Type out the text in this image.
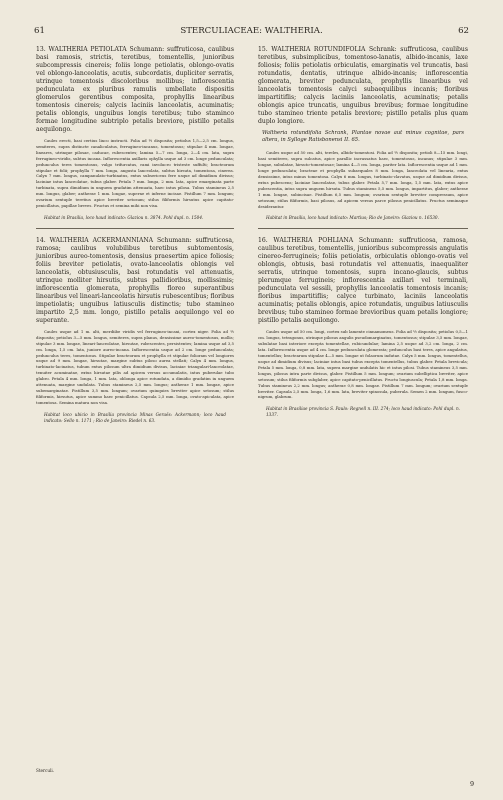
61	STERCULIACEAE: WALTHERIA.	62

13. WALTHERIA PETIOLATA Schumann: suffruticosa, caulibus basi ramosis, strictis, teretibus, tomentellis, junioribus subcompressis cinereis; foliis longe petiolatis, oblongo-ovatis vel oblongo-lanceolatis, acutis, subcordatis, dupliciter serratis, utrinque tomentosis discoloribus mollibus; inflorescentia pedunculata ex pluribus ramulis umbellate dispositis glomerulos gerentibus composita, prophyllis linearibus tomentosis cinereis; calycis laciniis lanceolatis, acuminatis; petalis oblongis, unguibus longis teretibus; tubo staminco formae longitudine subtriplo petalis breviore, pistillo petalis aequilongo.

Caules erecti, basi certius linco instructi. Folia ad ½ disposita; petiolus 1,5—2,5 cm. longus, semiteres, supra distincte canaliculatus, ferrugineo-incanus, tomentosus; stipulae 4 mm. longae, lineares, utrinque pilosae, caducae, rubescentes; lamina 5—7 cm. longa, 2—4 cm. lata, supra ferrugineo-viridis, subtus incana. Inflorescentia axillaris ophylla usque ad 3 cm. longe pedunculata; pedunculus teres tomentosus, vulgo trifurcatus, rami involucro tristeste suffulti; bracteorum stipulae et folii; prophylla 7 mm. longa, angusta lanceolata, subtus hirsuta, tomentosa, cinerea. Calyx 7 mm. longus, campanulato-turbinatus, extus subsericeus fere usque ad dimidium divisus; laciniae intus lanceolatae, tubus glaber. Petala 7 mm. longa, 2 mm. lata, apice emarginata parte turbinata, supra dimidium in unguem gradatim attenuata, haec intus pilosa. Tubus stamineus 2,5 mm. longus, glaber; antherae 1 mm. longae, superne et inferne incisae. Pistillum 7 mm. longum; ovarium sextuple teretius apice breviter setosum; stilus filiformis hirsutus apice capitato-penicillatus, papillae breves. Fructus et semina mihi non visa.

Habitat in Brasilia, loco haud indicato: Glaziou n. 3874. Pohl dupl. n. 1504.

14. WALTHERIA ACKERMANNIANA Schumann: suffruticosa, ramosa; caulibus volubilibus teretibus subtomentosis, junioribus aureo-tomentosis, densius praesertim apice foliosis; foliis breviter petiolatis, ovato-lanceolatis oblongis vel lanceolatis, obtusiusculis, basi rotundatis vel attenuatis, utrinque molliter hirsutis, subtus pallidioribus, mollissimis; inflorescentia glomerata, prophyllis floreo superantibus linearibus vel lineari-lanceolatis hirsutis rubescentibus; floribus impetiolatis; unguibus latiusculis distinctis; tubo stamineo impartito 2,5 mm. longo, pistillo petalis aequilongo vel eo superante.

Caules usque ad 1 m. alti, merdiibe viridis vel ferrugineo-incani, cortex niger. Folia ad ½ disposita; petiolus 3—5 mm. longus, semiteres, supra planus, densissime aureo-tomentosus, mollis; stipulae 3 mm. longae, lineari-lanceolatae, hirsutae, rubescentes, persistentes; lamina usque ad 3,5 cm. longa, 1,5 cm. lata, juniore aureo-incana. Inflorescentia usque ad 2 cm. longe pedunculata; pedunculus teres, tomentosus. Stipulae bracteorum et prophylla et stipulae folioram vel longiores usque ad 9 mm. longae, hirsutae, margine subtus piloso aurea stellati; Calyx 4 mm. longus, turbinato-lacinatus, tubum extus pilosum ultra dimidium divisus, laciniae triangulari-lanceolatae, tenuiter acuminatae, extus hirsutae pilis ad apicem versus accumulatis, intus puberulae tubo glabro. Petala 4 mm. longa, 1 mm. lata, oblonga apice rotundata, a dimidio gradatim in unguem attenuata, margine undulata. Tubus stamineus 2,5 mm. longus; antherae 1 mm. longae, apice subemarginatae. Pistillum 3,5 mm. longum; ovarium quinquies breviter apice setosum; stilus filiformis, hirsutus, apice summo haec penicillatus. Capsula 2,5 mm. longa, ovato-apiculata, apice tomentosa. Semina matura non visa.

Habitat loco ubicio in Brasilia provincia Minas Geraës: Ackermann; loco haud indicato: Sello n. 1171 ; Rio de Janeiro: Riedel n. 63.

15. WALTHERIA ROTUNDIFOLIA Schrank: suffruticosa, caulibus teretibus, subsimplicibus, tomentoso-lanatis, albido-incanis, laxe foliosis; foliis petiolatis orbiculatis, emarginatis vel truncatis, basi rotundatis, dentatis, utrinque albido-incanis; inflorescentia glomerata, breviter pedunculata, prophyllis linearibus vel lanceolatis tomentosis calyci subaequilibus incanis; floribus impartitiflis; calycis laciniis lanceolatis, acuminatis; petalis oblongis apice truncatis, unguibus brevibus; formae longitudine tubo stamineo triente petalis breviore; pistillo petalis plus quam duplo longiore.

Waltheria rotundifolia Schrank, Plantae novae aut minus cognitae, pars altera, in Sylloge Ratisbonensi II. 65.

Caules usque ad 50 cm. alti, tereles, albido-tomentosi. Folia ad ½ disposita; petioli 8—15 mm. longi, basi semiteres, supra sulcatus, apice parallic incrassatus haec, tomentosus, incanus; stipulae 3 mm. longae, subulatae, hirsuto-tomentosae; lamina 4—5 cm. longa, pariter lata. Inflorescentia usque ad 1 mm. longe pedunculata; bracteae et prophylla subaequales 8 mm. longa, lanceolata vel linearia, extus densissime, intus minus tomentosa. Calyx 6 mm. longus, turbinato-clavatus, usque ad dimidium divisus, extus pubescens; laciniae lanceolatae, tubus glaber. Petala 5,7 mm. longa, 1,5 mm. lata, extus apice pubescentia, intus supra unguem hirsuta. Tubus stamineus 5,5 mm. longus, impartitus, glaber; antherae 1 mm. longae, subincisae. Pistillum 6,5 mm. longum; ovarium sextuple breviter compressum, apice setosum; stilus filiformis, basi pilosus, ad apicem versus parce pilosus penicillatus. Fructus seminaque desiderantur.

Habitat in Brasilia, loco haud indicato: Martius; Rio de Janeiro: Glaziou n. 16530.

16. WALTHERIA POHLIANA Schumann: suffruticosa, ramosa, caulibus teretibus, tomentellis, junioribus subcompressis angulatis cinereo-ferrugineis; foliis petiolatis, orbiculatis oblongo-ovatis vel oblongis, obtusis, basi rotundatis vel attenuatis, inaequaliter serratis, utrinque tomentosis, supra incano-glaucis, subtus plerumque ferrugineis; inflorescentia axillari vel terminali, pedunculata vel sessili, prophyllis lanceolatis tomentosis incanis; floribus impartitiflis; calyce turbinato, laciniis lanceolatis acuminatis; petalis oblongis, apice rotundatis, unguibus latiusculis brevibus; tubo stamineo formae brevioribus quam petalis longiore; pistillo petalis aequilongo.

Caules usque ad 50 cm. longi, cortex sub lamente cinnamomeus. Folia ad ½ disposita; petiolus 0,5—1 cm. longus, tetragonus, utrinque pilosus angulis pseudomarginatus, tomentosus; stipulae 3,5 mm. longae, subulatae basi interiore excepta tomentellae, rubicundulae; lamina 2,5 usque ad 3,2 cm. longa, 2 cm. lata. Inflorescentia usque ad 4 cm. longe pedunculata glomerata; pedunculus basi teres, apice angulatus, tomentellus; bractearum stipulae 4—5 mm. longae ut folaorum indutae. Calyx 5 mm. longus, tomentellus, usque ad dimidium divisus; laciniae intus basi tubus excepta tomentellus, tubus glaber. Petala brevicula; Petala 5 mm. longa, 0,8 mm. lata, supera margine undulatis hic et intus pilosi. Tubus stamineus 3,5 mm. longus, pilosus intra parte divisus, glaber. Pistillum 5 mm. longum; ovarium subelliptica breviter, apice setosum; stilus filiformis subglaber, apice capitato-penicillatus. Fructu longiuscula; Petala 1,8 mm. longa. Tubus stamineus 2,2 mm. longus; antherae 0,8 mm. longae. Pistillum 7 mm. longum; ovarium sextuple breviter. Capsula 2,5 mm. longa, 1,6 mm. lata, breviter spinosula, puberula. Semen 2 mm. longum, fusco-nigrum, glabrum.

Habitat in Brasiliae provincia S. Paulo: Regnell n. III. 274; loco haud indicato: Pohl dupl. n. 1337.

Sterculi.
9
